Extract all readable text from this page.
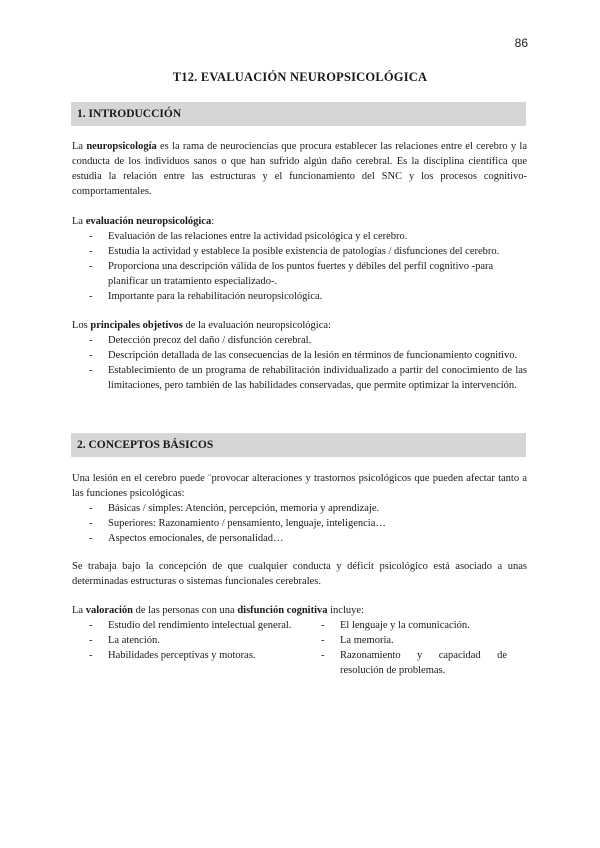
86
T12. EVALUACIÓN NEUROPSICOLÓGICA
1. INTRODUCCIÓN

La neuropsicología es la rama de neurociencias que procura establecer las relaciones entre el cerebro y la conducta de los individuos sanos o que han sufrido algún daño cerebral. Es la disciplina científica que estudia la relación entre las estructuras y el funcionamiento del SNC y los procesos cognitivo-comportamentales.

La evaluación neuropsicológica:

- Evaluación de las relaciones entre la actividad psicológica y el cerebro.
- Estudia la actividad y establece la posible existencia de patologías / disfunciones del cerebro.
- Proporciona una descripción válida de los puntos fuertes y débiles del perfil cognitivo -para planificar un tratamiento especializado-.
- Importante para la rehabilitación neuropsicológica.

Los principales objetivos de la evaluación neuropsicológica:

- Detección precoz del daño / disfunción cerebral.
- Descripción detallada de las consecuencias de la lesión en términos de funcionamiento cognitivo.
- Establecimiento de un programa de rehabilitación individualizado a partir del conocimiento de las limitaciones, pero también de las habilidades conservadas, que permite optimizar la intervención.
2. CONCEPTOS BÁSICOS

Una lesión en el cerebro puede ¨provocar alteraciones y trastornos psicológicos que pueden afectar tanto a las funciones psicológicas:

- Básicas / simples: Atención, percepción, memoria y aprendizaje.
- Superiores: Razonamiento / pensamiento, lenguaje, inteligencia…
- Aspectos emocionales, de personalidad…

Se trabaja bajo la concepción de que cualquier conducta y déficit psicológico está asociado a unas determinadas estructuras o sistemas funcionales cerebrales.

La valoración de las personas con una disfunción cognitiva incluye:

- Estudio del rendimiento intelectual general.
- La atención.
- Habilidades perceptivas y motoras.
- El lenguaje y la comunicación.
- La memoria.
- Razonamiento y capacidad de resolución de problemas.
